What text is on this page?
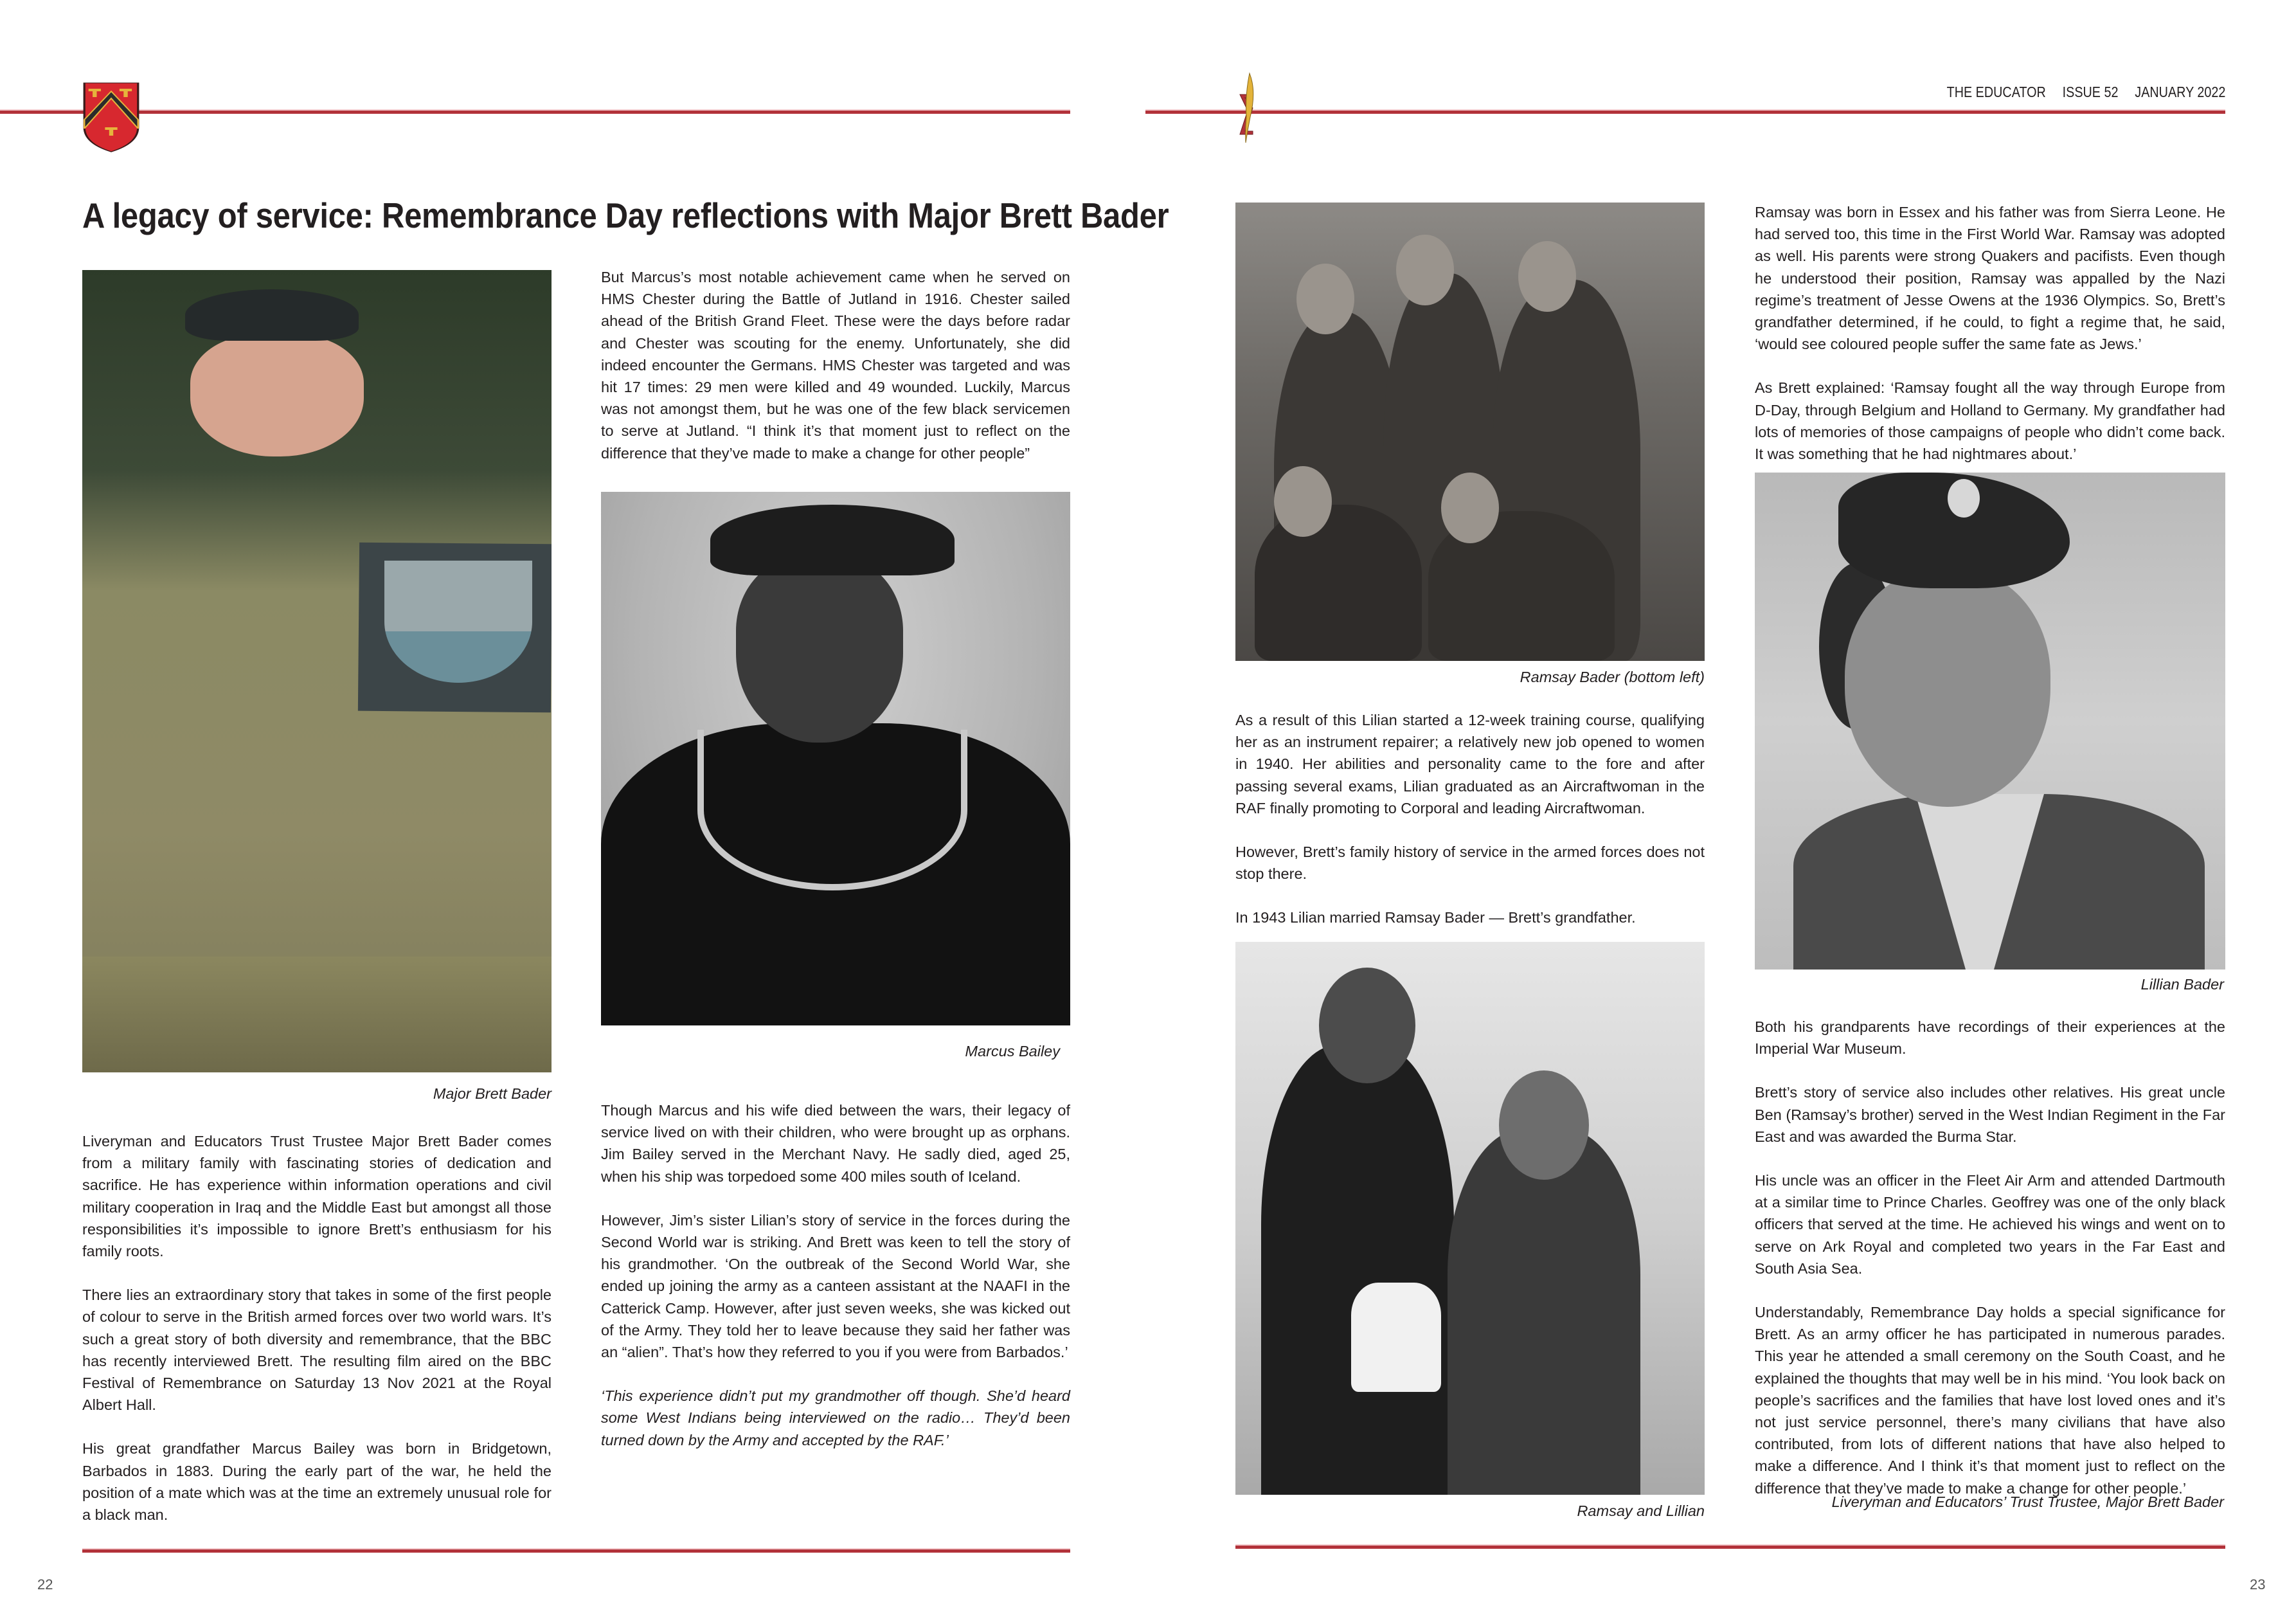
A legacy of service: Remembrance Day reflections with Major Brett Bader
Major Brett Bader

Liveryman and Educators Trust Trustee Major Brett Bader comes from a military family with fascinating stories of dedication and sacrifice. He has experience within information operations and civil military cooperation in Iraq and the Middle East but amongst all those responsibilities it’s impossible to ignore Brett’s enthusiasm for his family roots.

There lies an extraordinary story that takes in some of the first people of colour to serve in the British armed forces over two world wars. It’s such a great story of both diversity and remembrance, that the BBC has recently interviewed Brett. The resulting film aired on the BBC Festival of Remembrance on Saturday 13 Nov 2021 at the Royal Albert Hall.

His great grandfather Marcus Bailey was born in Bridgetown, Barbados in 1883. During the early part of the war, he held the position of a mate which was at the time an extremely unusual role for a black man.

But Marcus’s most notable achievement came when he served on HMS Chester during the Battle of Jutland in 1916. Chester sailed ahead of the British Grand Fleet. These were the days before radar and Chester was scouting for the enemy. Unfortunately, she did indeed encounter the Germans. HMS Chester was targeted and was hit 17 times: 29 men were killed and 49 wounded. Luckily, Marcus was not amongst them, but he was one of the few black servicemen to serve at Jutland. “I think it’s that moment just to reflect on the difference that they’ve made to make a change for other people”

Marcus Bailey

Though Marcus and his wife died between the wars, their legacy of service lived on with their children, who were brought up as orphans. Jim Bailey served in the Merchant Navy. He sadly died, aged 25, when his ship was torpedoed some 400 miles south of Iceland.

However, Jim’s sister Lilian’s story of service in the forces during the Second World war is striking. And Brett was keen to tell the story of his grandmother. ‘On the outbreak of the Second World War, she ended up joining the army as a canteen assistant at the NAAFI in the Catterick Camp. However, after just seven weeks, she was kicked out of the Army. They told her to leave because they said her father was an “alien”. That’s how they referred to you if you were from Barbados.’

‘This experience didn’t put my grandmother off though. She’d heard some West Indians being interviewed on the radio… They’d been turned down by the Army and accepted by the RAF.’

22
THE EDUCATOR ISSUE 52 JANUARY 2022
Ramsay Bader (bottom left)

As a result of this Lilian started a 12-week training course, qualifying her as an instrument repairer; a relatively new job opened to women in 1940. Her abilities and personality came to the fore and after passing several exams, Lilian graduated as an Aircraftwoman in the RAF finally promoting to Corporal and leading Aircraftwoman.

However, Brett’s family history of service in the armed forces does not stop there.

In 1943 Lilian married Ramsay Bader — Brett’s grandfather.

Ramsay and Lillian

Ramsay was born in Essex and his father was from Sierra Leone. He had served too, this time in the First World War. Ramsay was adopted as well. His parents were strong Quakers and pacifists. Even though he understood their position, Ramsay was appalled by the Nazi regime’s treatment of Jesse Owens at the 1936 Olympics. So, Brett’s grandfather determined, if he could, to fight a regime that, he said, ‘would see coloured people suffer the same fate as Jews.’

As Brett explained: ‘Ramsay fought all the way through Europe from D-Day, through Belgium and Holland to Germany. My grandfather had lots of memories of those campaigns of people who didn’t come back. It was something that he had nightmares about.’

Lillian Bader

Both his grandparents have recordings of their experiences at the Imperial War Museum.

Brett’s story of service also includes other relatives. His great uncle Ben (Ramsay’s brother) served in the West Indian Regiment in the Far East and was awarded the Burma Star.

His uncle was an officer in the Fleet Air Arm and attended Dartmouth at a similar time to Prince Charles. Geoffrey was one of the only black officers that served at the time. He achieved his wings and went on to serve on Ark Royal and completed two years in the Far East and South Asia Sea.

Understandably, Remembrance Day holds a special significance for Brett. As an army officer he has participated in numerous parades. This year he attended a small ceremony on the South Coast, and he explained the thoughts that may well be in his mind. ‘You look back on people’s sacrifices and the families that have lost loved ones and it’s not just service personnel, there’s many civilians that have also contributed, from lots of different nations that have also helped to make a difference. And I think it’s that moment just to reflect on the difference that they’ve made to make a change for other people.’

Liveryman and Educators’ Trust Trustee, Major Brett Bader
23
